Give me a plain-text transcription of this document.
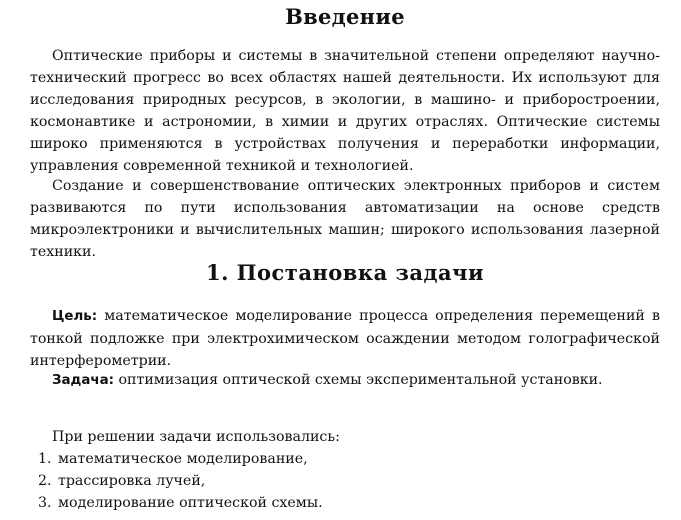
Введение

Оптические приборы и системы в значительной степени определяют научно-технический прогресс во всех областях нашей деятельности. Их используют для исследования природных ресурсов, в экологии, в машино- и приборостроении, космонавтике и астрономии, в химии и других отраслях. Оптические системы широко применяются в устройствах получения и переработки информации, управления современной техникой и технологией.

Создание и совершенствование оптических электронных приборов и систем развиваются по пути использования автоматизации на основе средств микроэлектроники и вычислительных машин; широкого использования лазерной техники.

1. Постановка задачи

Цель: математическое моделирование процесса определения перемещений в тонкой подложке при электрохимическом осаждении методом голографической интерферометрии.

Задача: оптимизация оптической схемы экспериментальной установки.

При решении задачи использовались:

1. математическое моделирование,
2. трассировка лучей,
3. моделирование оптической схемы.
